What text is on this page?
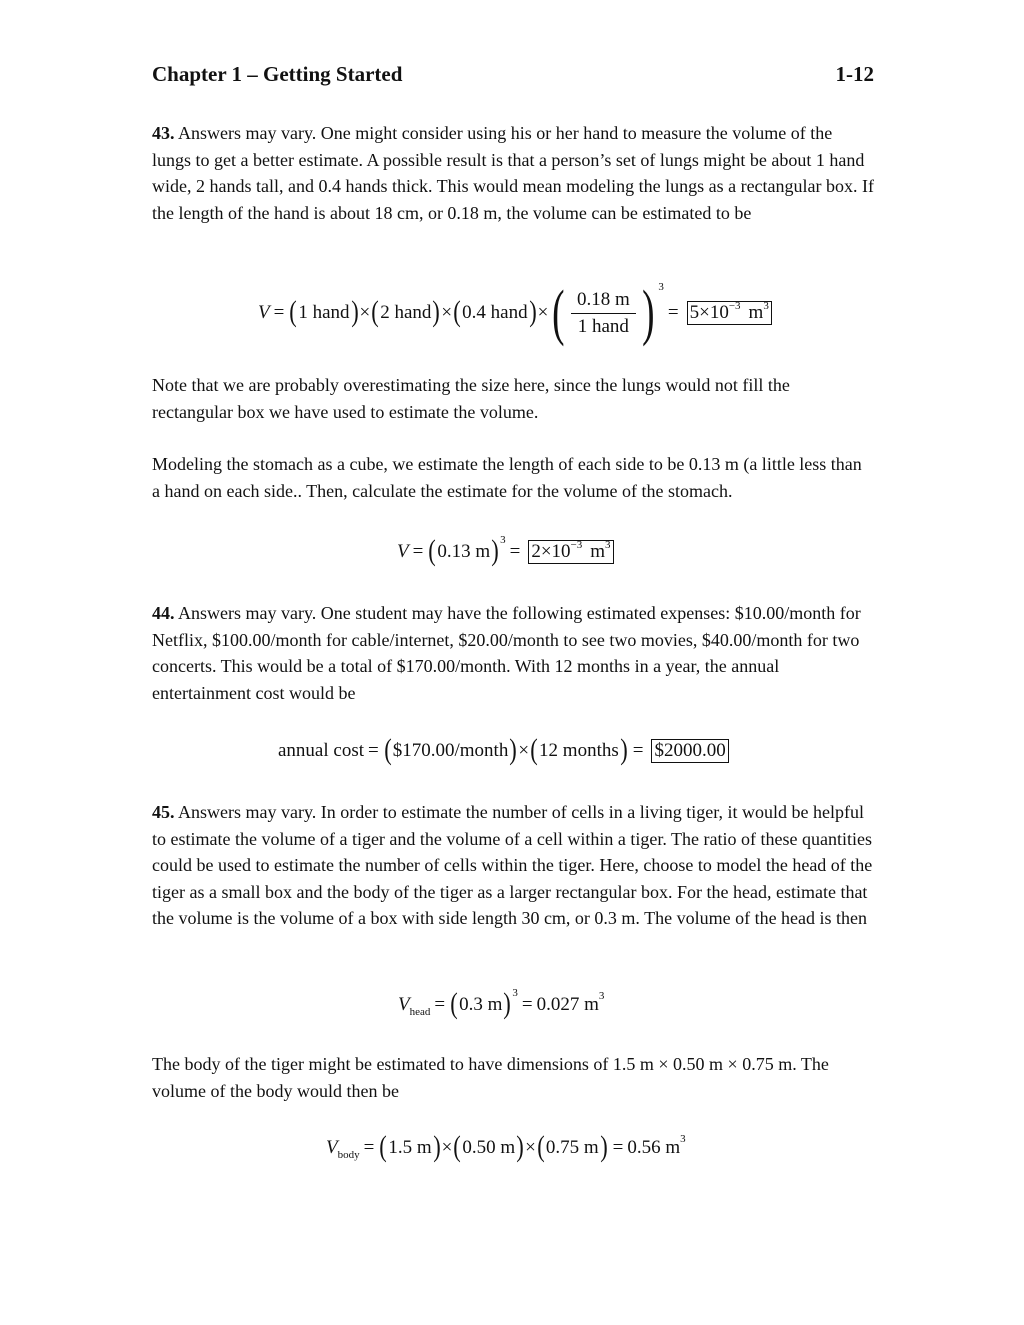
Chapter 1 – Getting Started	1-12

43. Answers may vary. One might consider using his or her hand to measure the volume of the lungs to get a better estimate. A possible result is that a person’s set of lungs might be about 1 hand wide, 2 hands tall, and 0.4 hands thick. This would mean modeling the lungs as a rectangular box. If the length of the hand is about 18 cm, or 0.18 m, the volume can be estimated to be

V = ( 1 hand ) × ( 2 hand ) × ( 0.4 hand ) × ( $\frac{0.18 m}{\text{1 hand}}$ ) $^3$
= $5\times 10^{-3}$ $m^3$

Note that we are probably overestimating the size here, since the lungs would not fill the rectangular box we have used to estimate the volume.

Modeling the stomach as a cube, we estimate the length of each side to be 0.13 m (a little less than a hand on each side.. Then, calculate the estimate for the volume of the stomach.

V = ( 0.13 m )$^3$
= $2\times 10^{-3}$ $m^3$

44. Answers may vary. One student may have the following estimated expenses: $10.00/month for Netflix, $100.00/month for cable/internet, $20.00/month to see two movies, $40.00/month for two concerts. This would be a total of $170.00/month. With 12 months in a year, the annual entertainment cost would be

annual cost = ( $170.00/month ) × ( 12 months ) = $2000.00

45. Answers may vary. In order to estimate the number of cells in a living tiger, it would be helpful to estimate the volume of a tiger and the volume of a cell within a tiger. The ratio of these quantities could be used to estimate the number of cells within the tiger. Here, choose to model the head of the tiger as a small box and the body of the tiger as a larger rectangular box. For the head, estimate that the volume is the volume of a box with side length 30 cm, or 0.3 m. The volume of the head is then

$V_{head}$ = ( 0.3 m )$^3$
= 0.027 $m^3$

The body of the tiger might be estimated to have dimensions of 1.5 m × 0.50 m × 0.75 m. The volume of the body would then be

$V_{body}$ = ( 1.5 m ) × ( 0.50 m ) × ( 0.75 m ) = 0.56 $m^3$
